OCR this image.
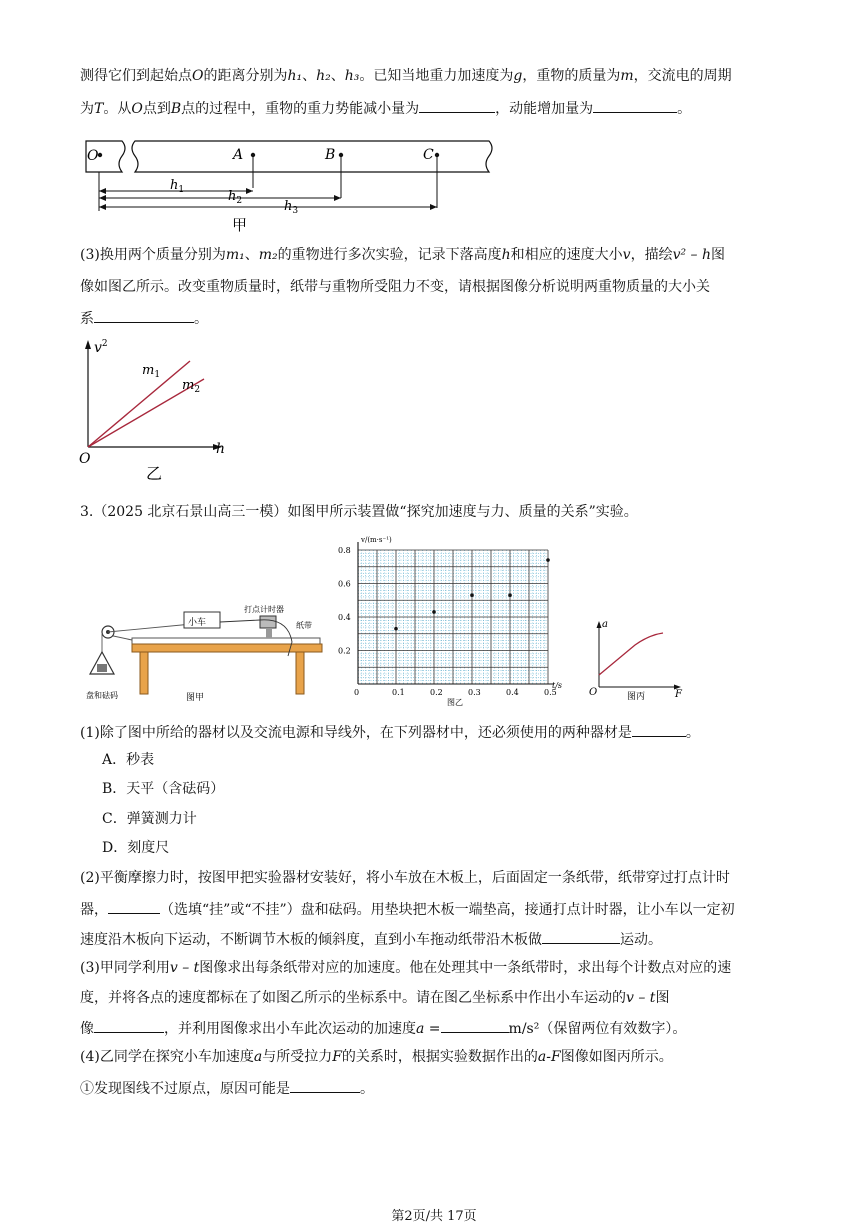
测得它们到起始点O的距离分别为h₁、h₂、h₃。已知当地重力加速度为g，重物的质量为m，交流电的周期
为T。从O点到B点的过程中，重物的重力势能减小量为	，动能增加量为	。
O	A	B	C
$h_1$	$h_2$	$h_3$
甲
(3)换用两个质量分别为m₁、m₂的重物进行多次实验，记录下落高度h和相应的速度大小v，描绘v² – h图
像如图乙所示。改变重物质量时，纸带与重物所受阻力不变，请根据图像分析说明两重物质量的大小关
系	。
$v^2$
h
O
$m_1$
$m_2$
乙
3.（2025 北京石景山高三一模）如图甲所示装置做“探究加速度与力、质量的关系”实验。
小车
打点计时器
纸带
盘和砝码	图甲
0	0.1	0.2	0.3	0.4	0.5
0.2
0.4
0.6
0.8
v/(m·s⁻¹)
t/s
图乙
a
F
O	图丙
(1)除了图中所给的器材以及交流电源和导线外，在下列器材中，还必须使用的两种器材是	。
A．秒表
B．天平（含砝码）
C．弹簧测力计
D．刻度尺
(2)平衡摩擦力时，按图甲把实验器材安装好，将小车放在木板上，后面固定一条纸带，纸带穿过打点计时
器，	（选填“挂”或“不挂”）盘和砝码。用垫块把木板一端垫高，接通打点计时器，让小车以一定初
速度沿木板向下运动，不断调节木板的倾斜度，直到小车拖动纸带沿木板做	运动。
(3)甲同学利用v – t图像求出每条纸带对应的加速度。他在处理其中一条纸带时，求出每个计数点对应的速
度，并将各点的速度都标在了如图乙所示的坐标系中。请在图乙坐标系中作出小车运动的v – t图
像	，并利用图像求出小车此次运动的加速度a =	m/s²（保留两位有效数字）。
(4)乙同学在探究小车加速度a与所受拉力F的关系时，根据实验数据作出的a-F图像如图丙所示。
①发现图线不过原点，原因可能是	。
第2页/共 17页
